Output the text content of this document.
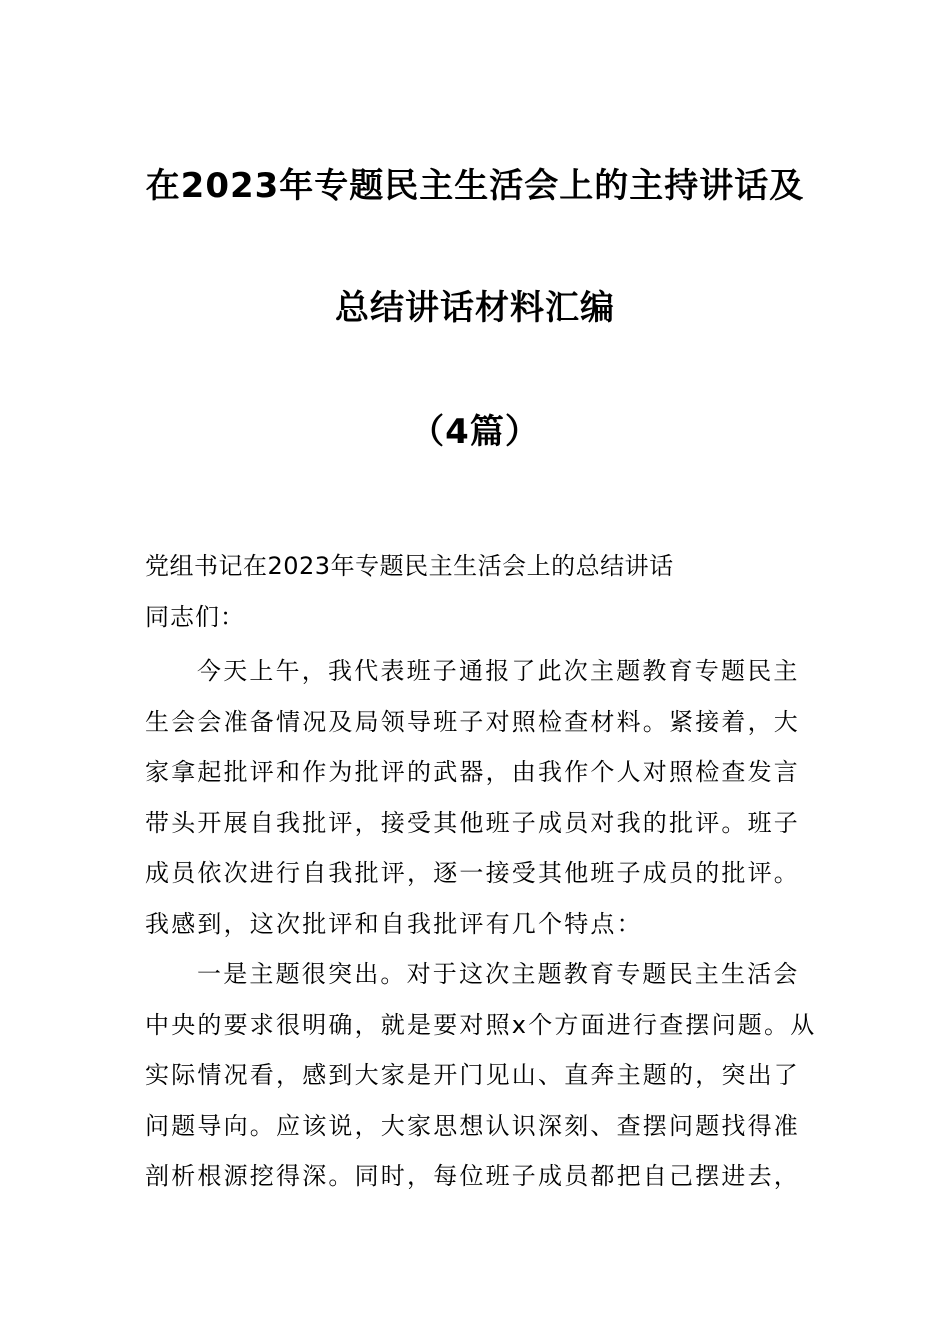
在2023年专题民主生活会上的主持讲话及
总结讲话材料汇编
（4篇）
党组书记在2023年专题民主生活会上的总结讲话
同志们：
今天上午，我代表班子通报了此次主题教育专题民主
生会会准备情况及局领导班子对照检查材料。紧接着，大
家拿起批评和作为批评的武器，由我作个人对照检查发言
带头开展自我批评，接受其他班子成员对我的批评。班子
成员依次进行自我批评，逐一接受其他班子成员的批评。
我感到，这次批评和自我批评有几个特点：
一是主题很突出。对于这次主题教育专题民主生活会
中央的要求很明确，就是要对照x个方面进行查摆问题。从
实际情况看，感到大家是开门见山、直奔主题的，突出了
问题导向。应该说，大家思想认识深刻、查摆问题找得准
剖析根源挖得深。同时，每位班子成员都把自己摆进去，
